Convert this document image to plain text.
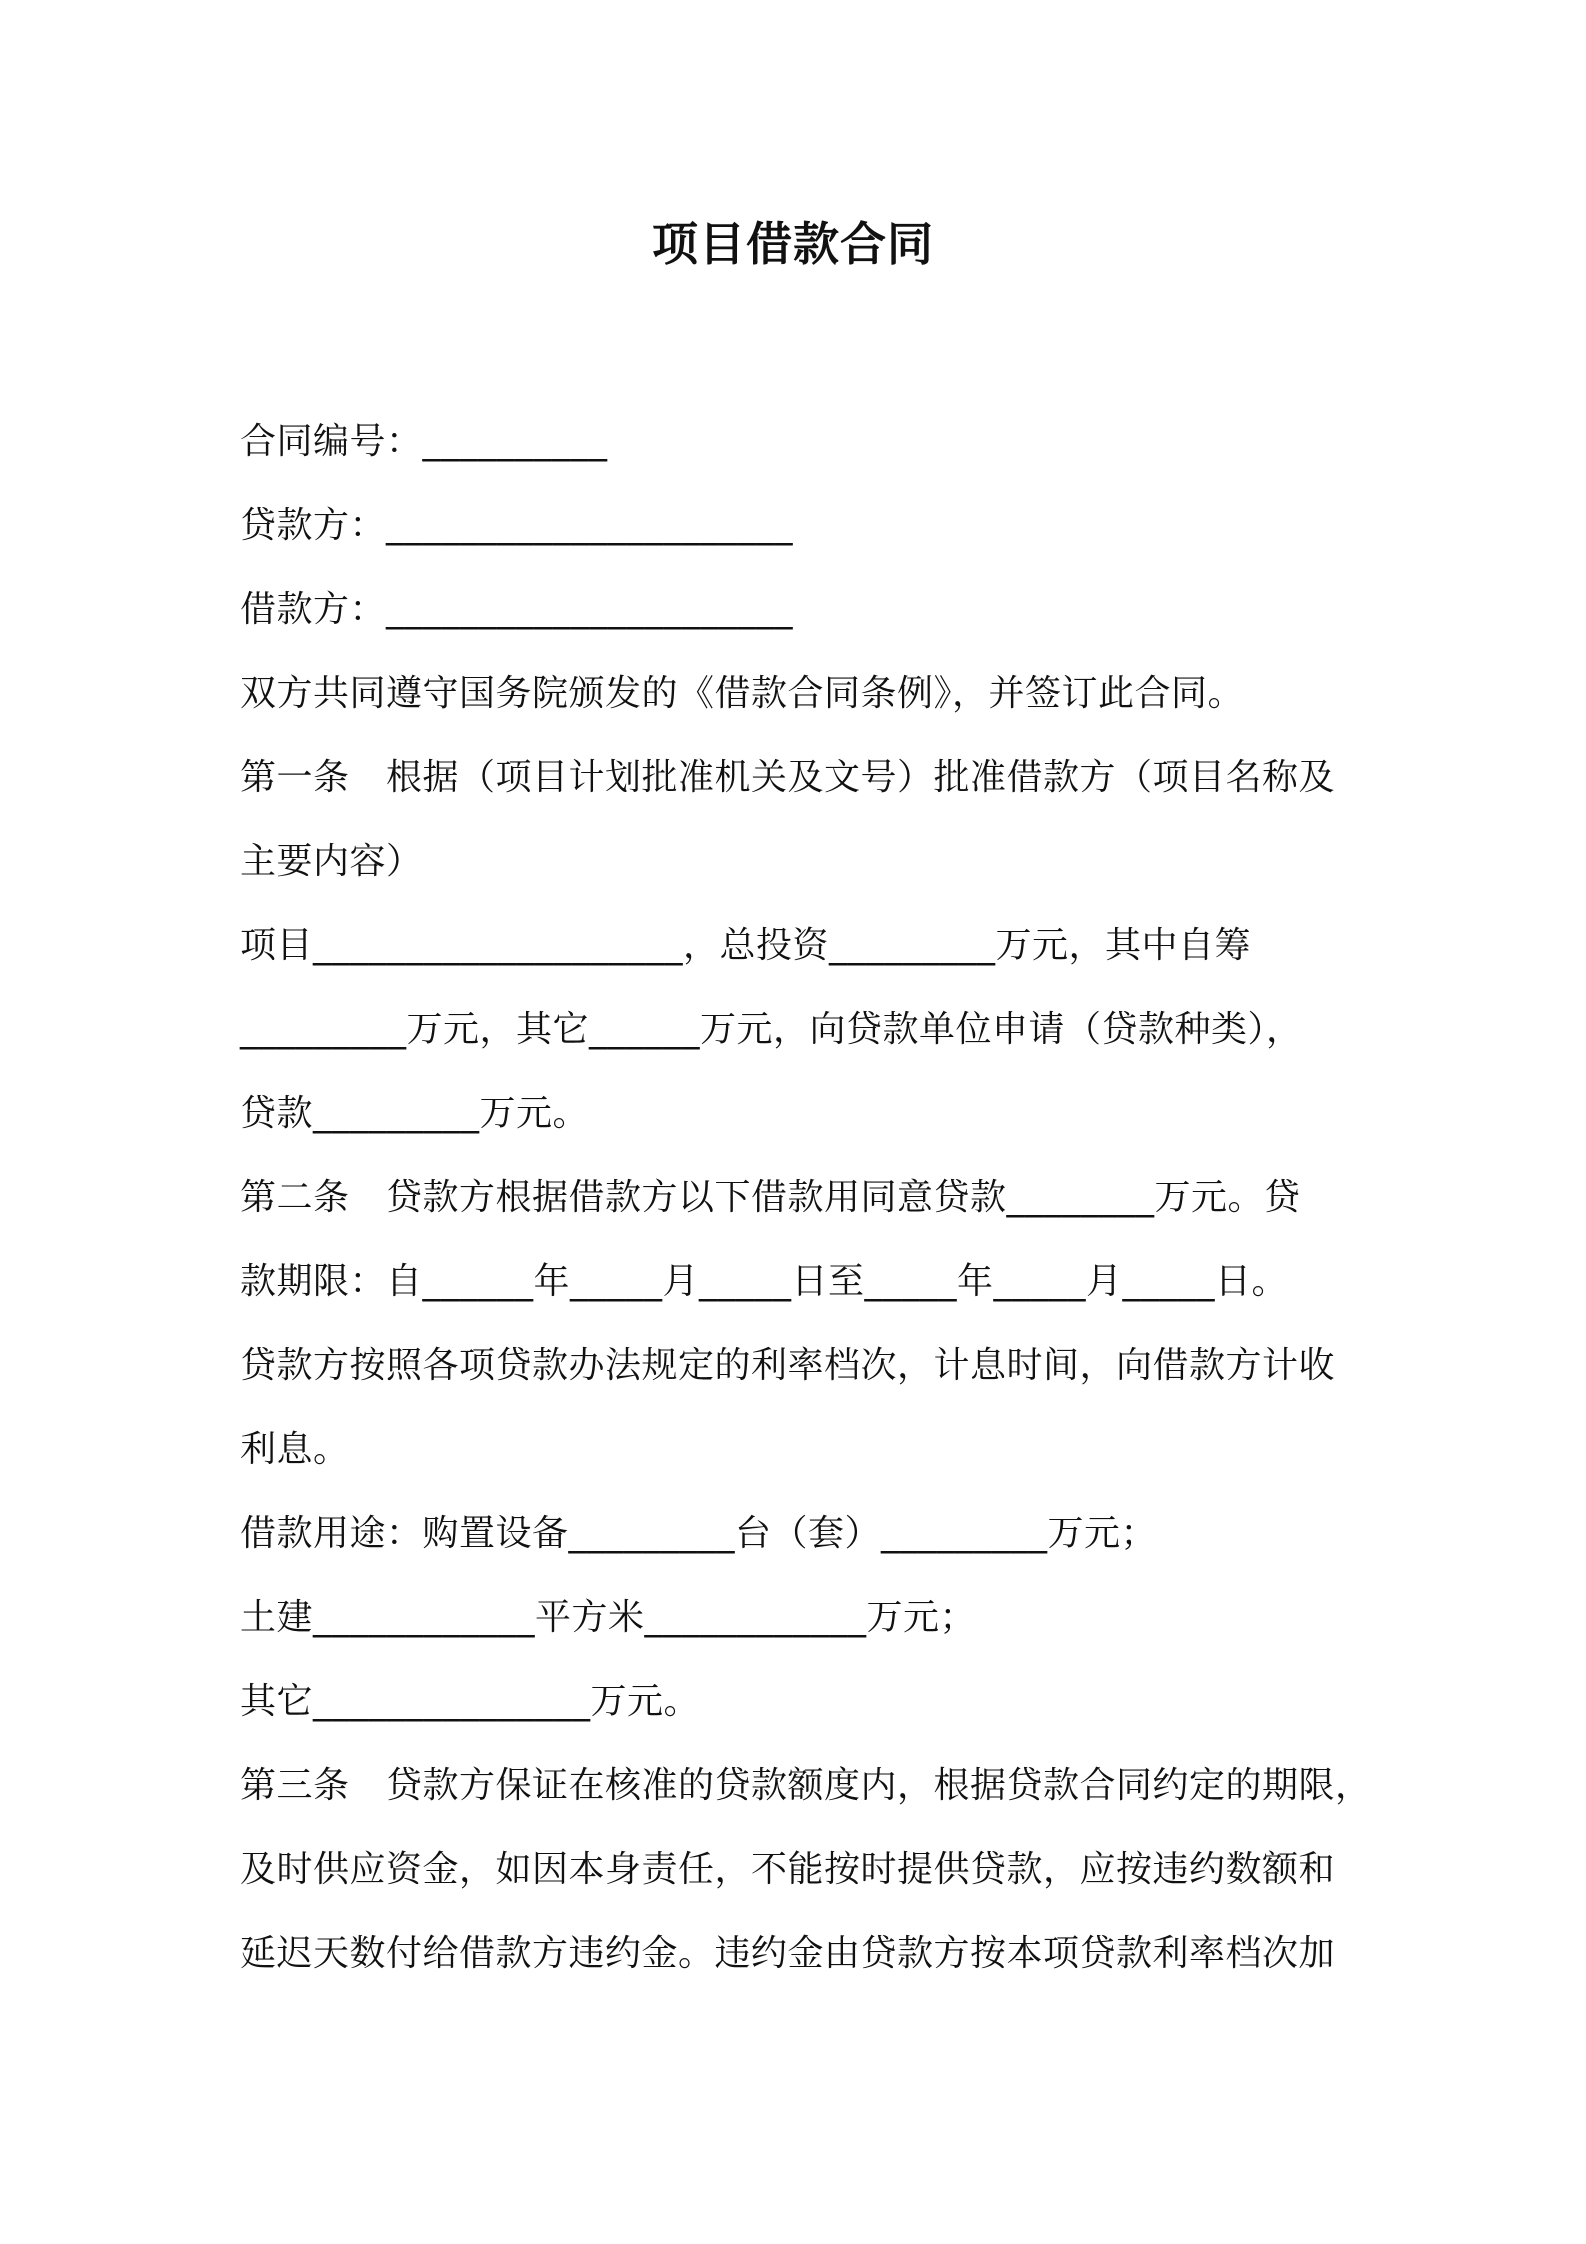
项目借款合同
合同编号：__________
贷款方：______________________
借款方：______________________
双方共同遵守国务院颁发的《借款合同条例》，并签订此合同。
第一条　根据（项目计划批准机关及文号）批准借款方（项目名称及
主要内容）
项目____________________，总投资_________万元，其中自筹
_________万元，其它______万元，向贷款单位申请（贷款种类），
贷款_________万元。
第二条　贷款方根据借款方以下借款用同意贷款________万元。贷
款期限：自______年_____月_____日至_____年_____月_____日。
贷款方按照各项贷款办法规定的利率档次，计息时间，向借款方计收
利息。
借款用途：购置设备_________台（套）_________万元；
土建____________平方米____________万元；
其它_______________万元。
第三条　贷款方保证在核准的贷款额度内，根据贷款合同约定的期限，
及时供应资金，如因本身责任，不能按时提供贷款，应按违约数额和
延迟天数付给借款方违约金。违约金由贷款方按本项贷款利率档次加
